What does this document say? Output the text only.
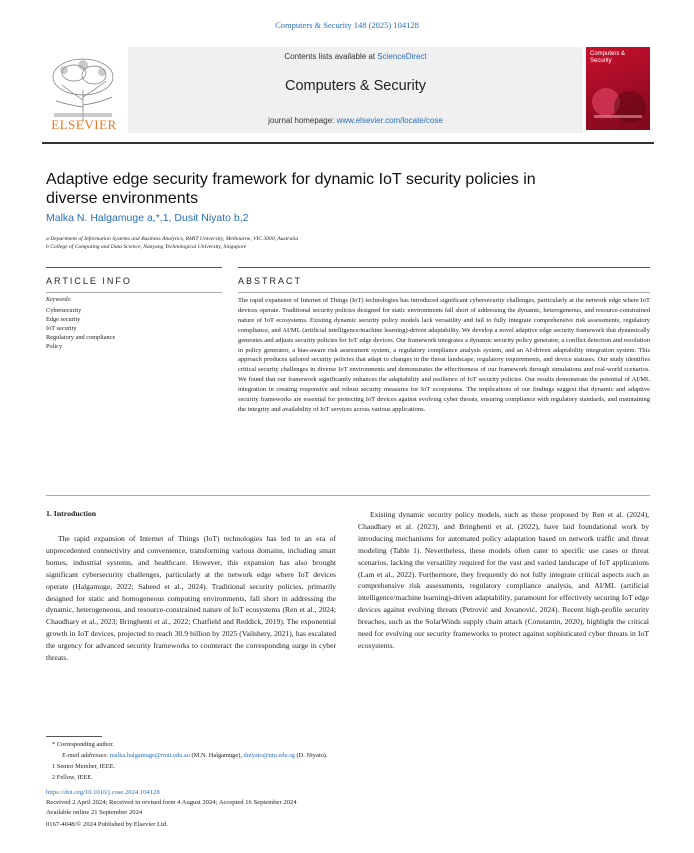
Computers & Security 148 (2025) 104128
ELSEVIER
Contents lists available at ScienceDirect
Computers & Security
journal homepage: www.elsevier.com/locate/cose
Computers & Security
Adaptive edge security framework for dynamic IoT security policies in
diverse environments
Malka N. Halgamuge a,*,1, Dusit Niyato b,2
a Department of Information Systems and Business Analytics, RMIT University, Melbourne, VIC 3000, Australia
b College of Computing and Data Science, Nanyang Technological University, Singapore
ARTICLE INFO	ABSTRACT
Keywords:
Cybersecurity
Edge security
IoT security
Regulatory and compliance
Policy
The rapid expansion of Internet of Things (IoT) technologies has introduced significant cybersecurity challenges, particularly at the network edge where IoT devices operate. Traditional security policies designed for static environments fall short of addressing the dynamic, heterogeneous, and resource-constrained nature of IoT ecosystems. Existing dynamic security policy models lack versatility and fail to fully integrate comprehensive risk assessments, regulatory compliance, and AI/ML (artificial intelligence/machine learning)-driven adaptability. We develop a novel adaptive edge security framework that dynamically generates and adjusts security policies for IoT edge devices. Our framework integrates a dynamic security policy generator, a conflict detection and resolution in policy generator, a bias-aware risk assessment system, a regulatory compliance analysis system, and an AI-driven adaptability integration system. This approach produces tailored security policies that adapt to changes in the threat landscape, regulatory requirements, and device statuses. Our study identifies critical security challenges in diverse IoT environments and demonstrates the effectiveness of our framework through simulations and real-world scenarios. We found that our framework significantly enhances the adaptability and resilience of IoT security policies. Our results demonstrate the potential of AI/ML integration in creating responsive and robust security measures for IoT ecosystems. The implications of our findings suggest that dynamic and adaptive security frameworks are essential for protecting IoT devices against evolving cyber threats, ensuring compliance with regulatory standards, and maintaining the integrity and availability of IoT services across various applications.
1. Introduction
The rapid expansion of Internet of Things (IoT) technologies has led to an era of unprecedented connectivity and convenience, transforming various domains, including smart homes, industrial systems, and healthcare. However, this expansion has also brought significant cybersecurity challenges, particularly at the network edge where IoT devices operate (Halgamuge, 2022; Saheed et al., 2024). Traditional security policies, primarily designed for static and homogeneous computing environments, fall short in addressing the dynamic, heterogeneous, and resource-constrained nature of IoT ecosystems (Ren et al., 2024; Chaudhary et al., 2023; Bringhenti et al., 2022; Chatfield and Reddick, 2019). The exponential growth in IoT devices, projected to reach 30.9 billion by 2025 (Vailshery, 2021), has escalated the urgency for advanced security frameworks to counteract the corresponding surge in cyber threats.
Existing dynamic security policy models, such as those proposed by Ren et al. (2024), Chaudhary et al. (2023), and Bringhenti et al. (2022), have laid foundational work by introducing mechanisms for automated policy adaptation based on network traffic and threat modeling (Table 1). Nevertheless, these models often cater to specific use cases or threat scenarios, lacking the versatility required for the vast and varied landscape of IoT applications (Lam et al., 2022). Furthermore, they frequently do not fully integrate critical aspects such as comprehensive risk assessments, regulatory compliance analysis, and AI/ML (artificial intelligence/machine learning)-driven adaptability, paramount for effectively securing IoT edge devices against evolving threats (Petrović and Jovanović, 2024). Recent high-profile security breaches, such as the SolarWinds supply chain attack (Constantin, 2020), highlight the critical need for evolving our security frameworks to protect against sophisticated cyber threats in IoT ecosystems.
* Corresponding author.
E-mail addresses: malka.halgamuge@rmit.edu.au (M.N. Halgamuge), dniyato@ntu.edu.sg (D. Niyato).
1 Senior Member, IEEE.
2 Fellow, IEEE.
https://doi.org/10.1016/j.cose.2024.104128
Received 2 April 2024; Received in revised form 4 August 2024; Accepted 16 September 2024
Available online 21 September 2024
0167-4048/© 2024 Published by Elsevier Ltd.
